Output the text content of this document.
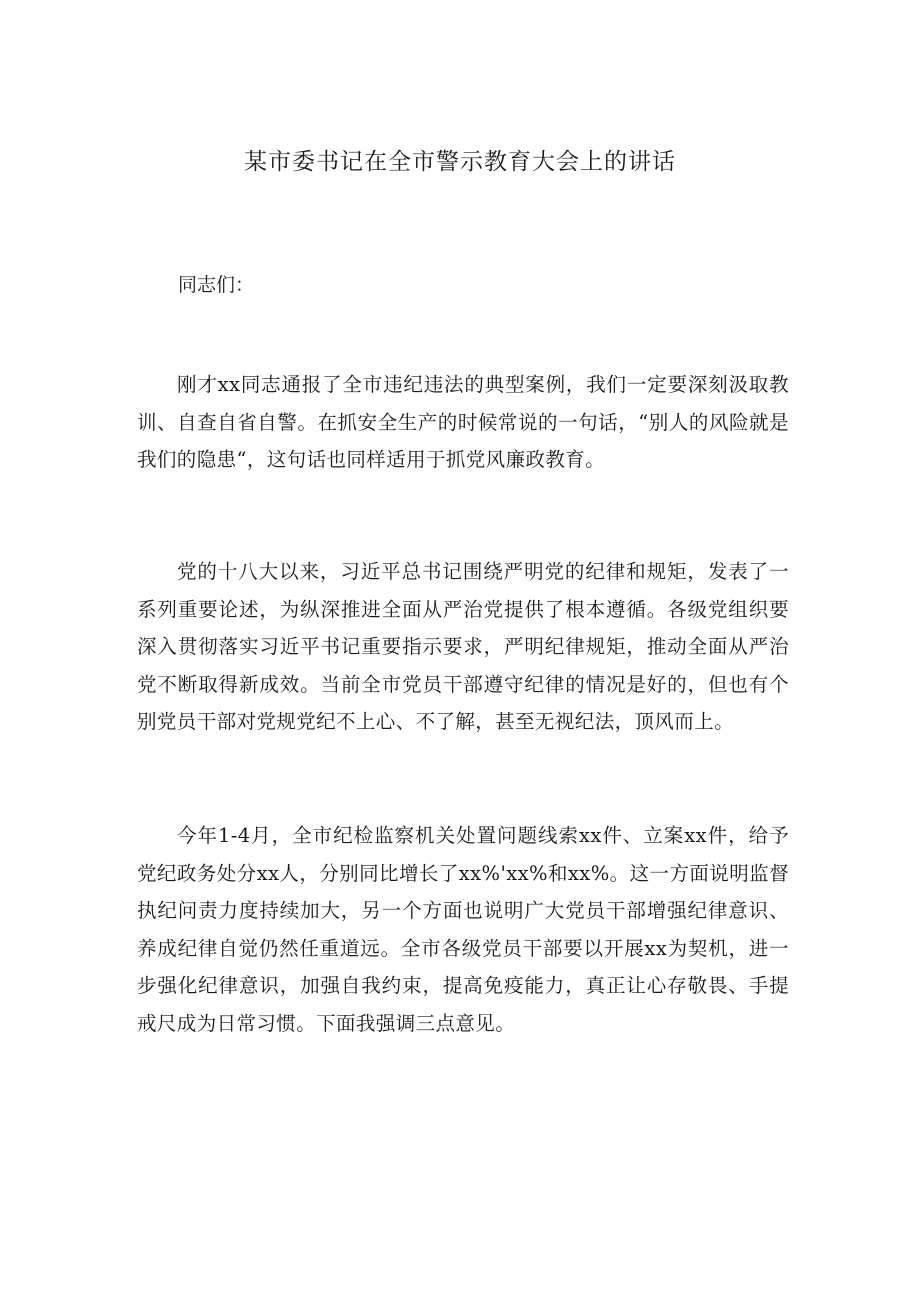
某市委书记在全市警示教育大会上的讲话

同志们：

刚才xx同志通报了全市违纪违法的典型案例，我们一定要深刻汲取教训、自查自省自警。在抓安全生产的时候常说的一句话，“别人的风险就是我们的隐患“，这句话也同样适用于抓党风廉政教育。

党的十八大以来，习近平总书记围绕严明党的纪律和规矩，发表了一系列重要论述，为纵深推进全面从严治党提供了根本遵循。各级党组织要深入贯彻落实习近平书记重要指示要求，严明纪律规矩，推动全面从严治党不断取得新成效。当前全市党员干部遵守纪律的情况是好的，但也有个别党员干部对党规党纪不上心、不了解，甚至无视纪法，顶风而上。

今年1-4月，全市纪检监察机关处置问题线索xx件、立案xx件，给予党纪政务处分xx人，分别同比增长了xx%'xx%和xx%。这一方面说明监督执纪问责力度持续加大，另一个方面也说明广大党员干部增强纪律意识、养成纪律自觉仍然任重道远。全市各级党员干部要以开展xx为契机，进一步强化纪律意识，加强自我约束，提高免疫能力，真正让心存敬畏、手提戒尺成为日常习惯。下面我强调三点意见。
